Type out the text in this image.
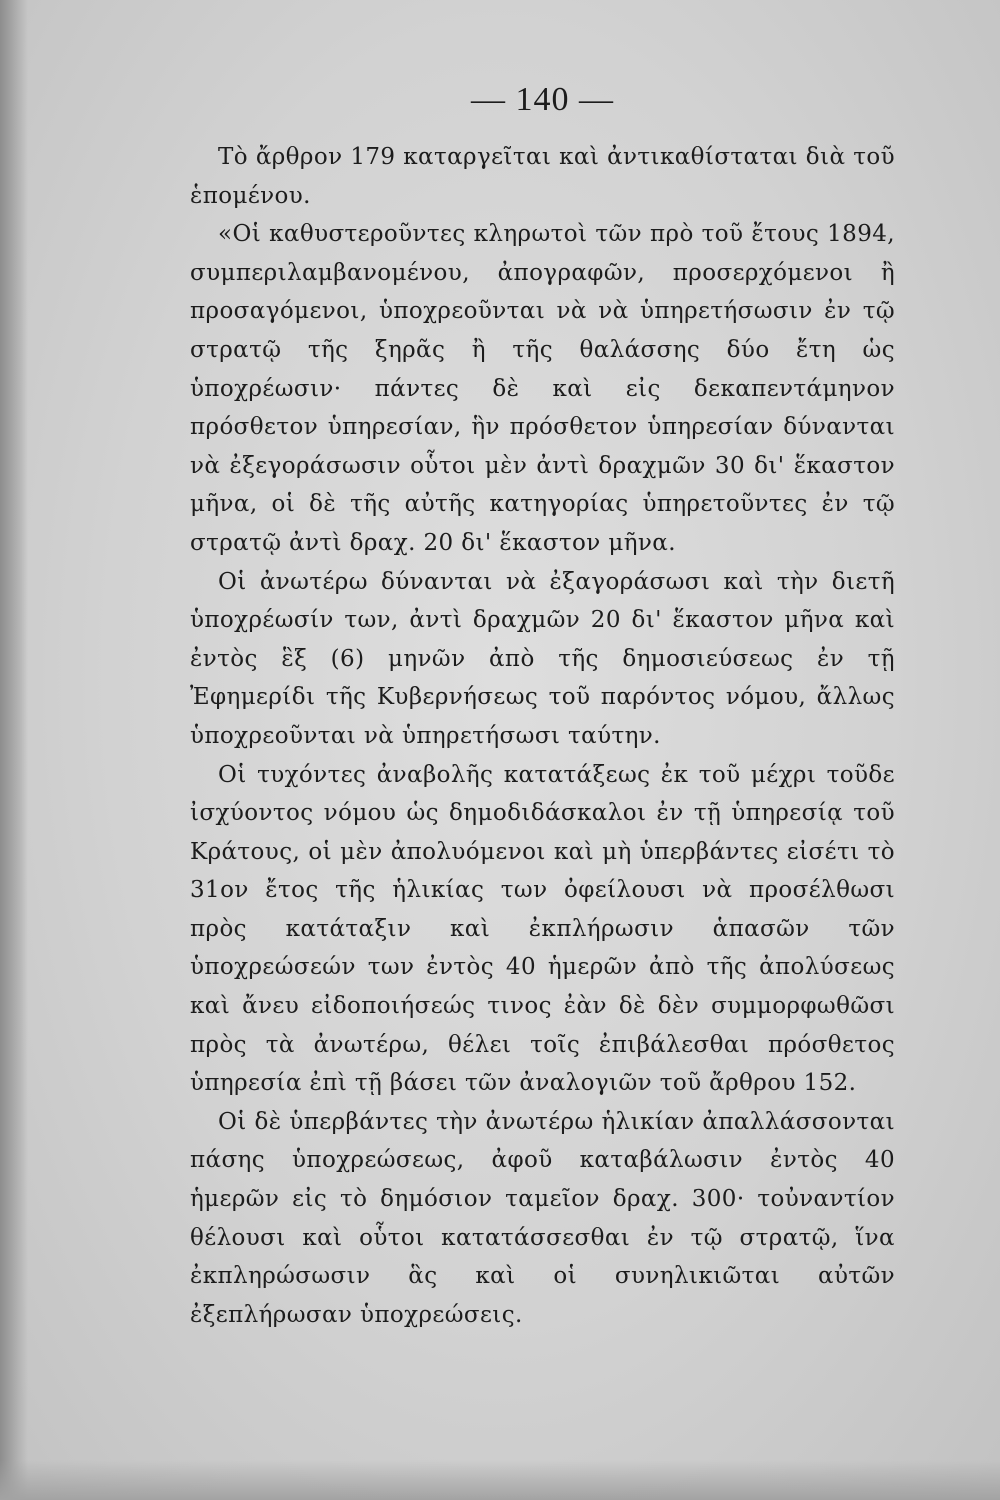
— 140 —

Τὸ ἄρθρον 179 καταργεῖται καὶ ἀντικαθίσταται διὰ τοῦ ἑπομένου.

«Οἱ καθυστεροῦντες κληρωτοὶ τῶν πρὸ τοῦ ἔτους 1894, συμπεριλαμβανομένου, ἀπογραφῶν, προσερχόμενοι ἢ προσαγόμενοι, ὑποχρεοῦνται νὰ νὰ ὑπηρετήσωσιν ἐν τῷ στρατῷ τῆς ξηρᾶς ἢ τῆς θαλάσσης δύο ἔτη ὡς ὑποχρέωσιν· πάντες δὲ καὶ εἰς δεκαπεντάμηνον πρόσθετον ὑπηρεσίαν, ἣν πρόσθετον ὑπηρεσίαν δύνανται νὰ ἐξεγοράσωσιν οὗτοι μὲν ἀντὶ δραχμῶν 30 δι' ἕκαστον μῆνα, οἱ δὲ τῆς αὐτῆς κατηγορίας ὑπηρετοῦντες ἐν τῷ στρατῷ ἀντὶ δραχ. 20 δι' ἕκαστον μῆνα.

Οἱ ἀνωτέρω δύνανται νὰ ἐξαγοράσωσι καὶ τὴν διετῆ ὑποχρέωσίν των, ἀντὶ δραχμῶν 20 δι' ἕκαστον μῆνα καὶ ἐντὸς ἓξ (6) μηνῶν ἀπὸ τῆς δημοσιεύσεως ἐν τῇ Ἐφημερίδι τῆς Κυβερνήσεως τοῦ παρόντος νόμου, ἄλλως ὑποχρεοῦνται νὰ ὑπηρετήσωσι ταύτην.

Οἱ τυχόντες ἀναβολῆς κατατάξεως ἐκ τοῦ μέχρι τοῦδε ἰσχύοντος νόμου ὡς δημοδιδάσκαλοι ἐν τῇ ὑπηρεσίᾳ τοῦ Κράτους, οἱ μὲν ἀπολυόμενοι καὶ μὴ ὑπερβάντες εἰσέτι τὸ 31ον ἔτος τῆς ἡλικίας των ὀφείλουσι νὰ προσέλθωσι πρὸς κατάταξιν καὶ ἐκπλήρωσιν ἁπασῶν τῶν ὑποχρεώσεών των ἐντὸς 40 ἡμερῶν ἀπὸ τῆς ἀπολύσεως καὶ ἄνευ εἰδοποιήσεώς τινος ἐὰν δὲ δὲν συμμορφωθῶσι πρὸς τὰ ἀνωτέρω, θέλει τοῖς ἐπιβάλεσθαι πρόσθετος ὑπηρεσία ἐπὶ τῇ βάσει τῶν ἀναλογιῶν τοῦ ἄρθρου 152.

Οἱ δὲ ὑπερβάντες τὴν ἀνωτέρω ἡλικίαν ἀπαλλάσσονται πάσης ὑποχρεώσεως, ἀφοῦ καταβάλωσιν ἐντὸς 40 ἡμερῶν εἰς τὸ δημόσιον ταμεῖον δραχ. 300· τοὐναντίον θέλουσι καὶ οὗτοι κατατάσσεσθαι ἐν τῷ στρατῷ, ἵνα ἐκπληρώσωσιν ἃς καὶ οἱ συνηλικιῶται αὐτῶν ἐξεπλήρωσαν ὑποχρεώσεις.
